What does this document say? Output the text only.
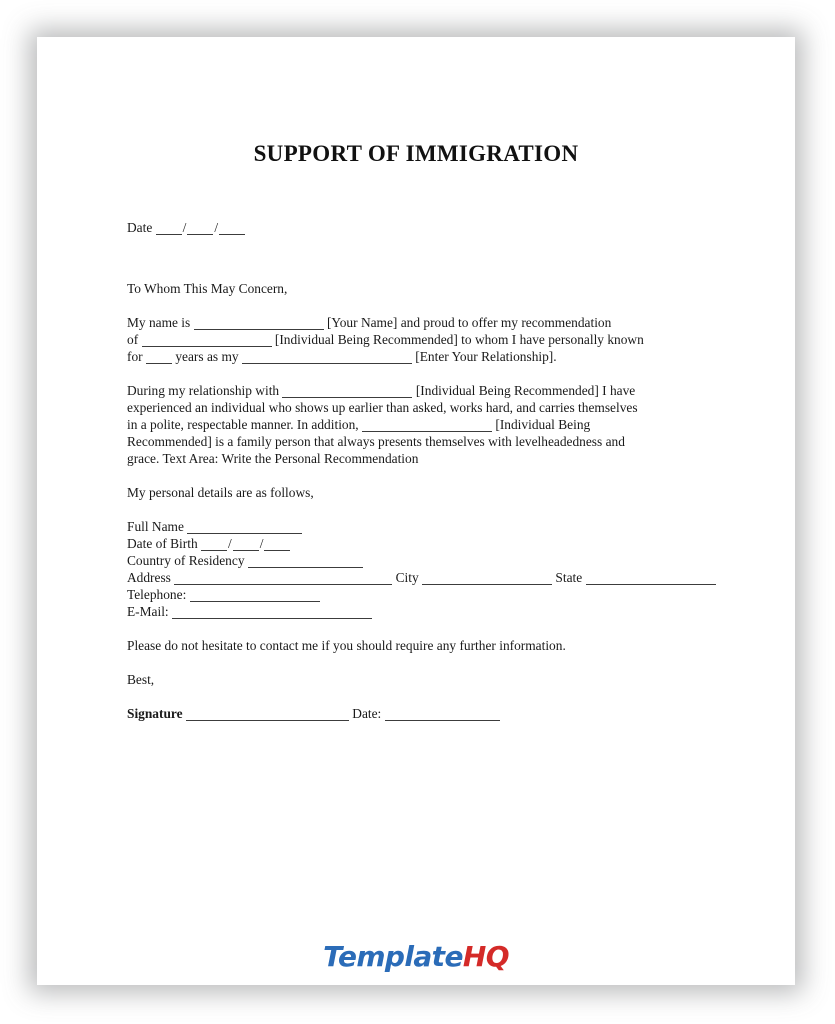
SUPPORT OF IMMIGRATION
Date / /
To Whom This May Concern,
My name is	[Your Name] and proud to offer my recommendation
of	[Individual Being Recommended] to whom I have personally known
for years as my	[Enter Your Relationship].
During my relationship with	[Individual Being Recommended] I have
experienced an individual who shows up earlier than asked, works hard, and carries themselves
in a polite, respectable manner. In addition,	[Individual Being
Recommended] is a family person that always presents themselves with levelheadedness and
grace. Text Area: Write the Personal Recommendation
My personal details are as follows,
Full Name
Date of Birth / /
Country of Residency
Address	City	State
Telephone:
E-Mail:
Please do not hesitate to contact me if you should require any further information.
Best,
Signature	Date:
TemplateHQ
